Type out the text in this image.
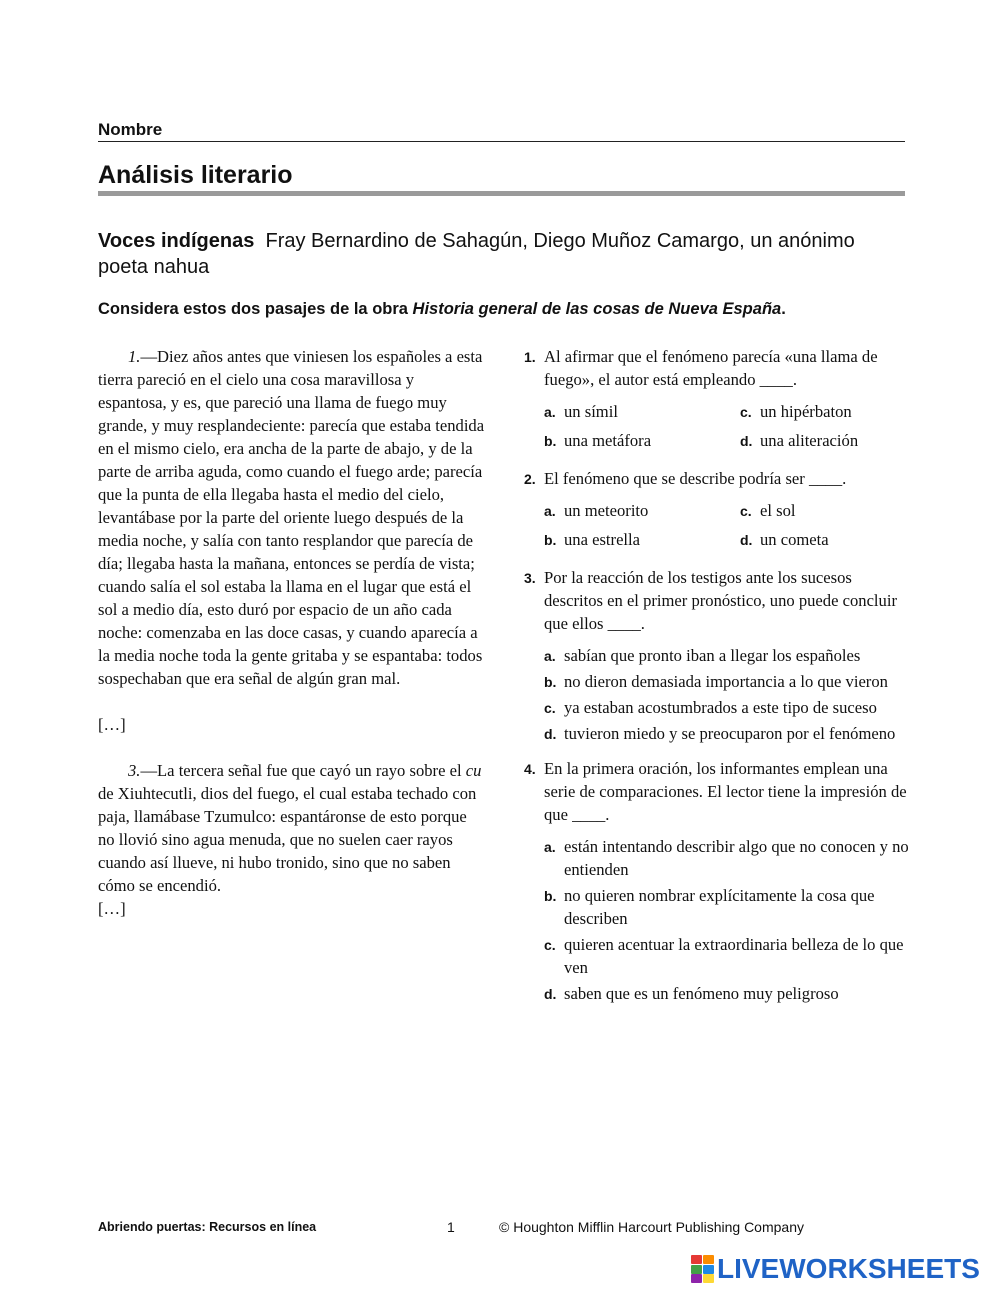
Nombre
Análisis literario
Voces indígenas Fray Bernardino de Sahagún, Diego Muñoz Camargo, un anónimo poeta nahua
Considera estos dos pasajes de la obra Historia general de las cosas de Nueva España.

1.—Diez años antes que viniesen los españoles a esta tierra pareció en el cielo una cosa maravillosa y espantosa, y es, que pareció una llama de fuego muy grande, y muy resplandeciente: parecía que estaba tendida en el mismo cielo, era ancha de la parte de abajo, y de la parte de arriba aguda, como cuando el fuego arde; parecía que la punta de ella llegaba hasta el medio del cielo, levantábase por la parte del oriente luego después de la media noche, y salía con tanto resplandor que parecía de día; llegaba hasta la mañana, entonces se perdía de vista; cuando salía el sol estaba la llama en el lugar que está el sol a medio día, esto duró por espacio de un año cada noche: comenzaba en las doce casas, y cuando aparecía a la media noche toda la gente gritaba y se espantaba: todos sospechaban que era señal de algún gran mal.

[…]

3.—La tercera señal fue que cayó un rayo sobre el cu de Xiuhtecutli, dios del fuego, el cual estaba techado con paja, llamábase Tzumulco: espantáronse de esto porque no llovió sino agua menuda, que no suelen caer rayos cuando así llueve, ni hubo tronido, sino que no saben cómo se encendió.

[…]

1. Al afirmar que el fenómeno parecía «una llama de fuego», el autor está empleando ____.
a. un símil	c. un hipérbaton
b. una metáfora	d. una aliteración
2. El fenómeno que se describe podría ser ____.
a. un meteorito	c. el sol
b. una estrella	d. un cometa
3. Por la reacción de los testigos ante los sucesos descritos en el primer pronóstico, uno puede concluir que ellos ____.
a. sabían que pronto iban a llegar los españoles
b. no dieron demasiada importancia a lo que vieron
c. ya estaban acostumbrados a este tipo de suceso
d. tuvieron miedo y se preocuparon por el fenómeno
4. En la primera oración, los informantes emplean una serie de comparaciones. El lector tiene la impresión de que ____.
a. están intentando describir algo que no conocen y no entienden
b. no quieren nombrar explícitamente la cosa que describen
c. quieren acentuar la extraordinaria belleza de lo que ven
d. saben que es un fenómeno muy peligroso
Abriendo puertas: Recursos en línea	1	© Houghton Mifflin Harcourt Publishing Company
LIVEWORKSHEETS
